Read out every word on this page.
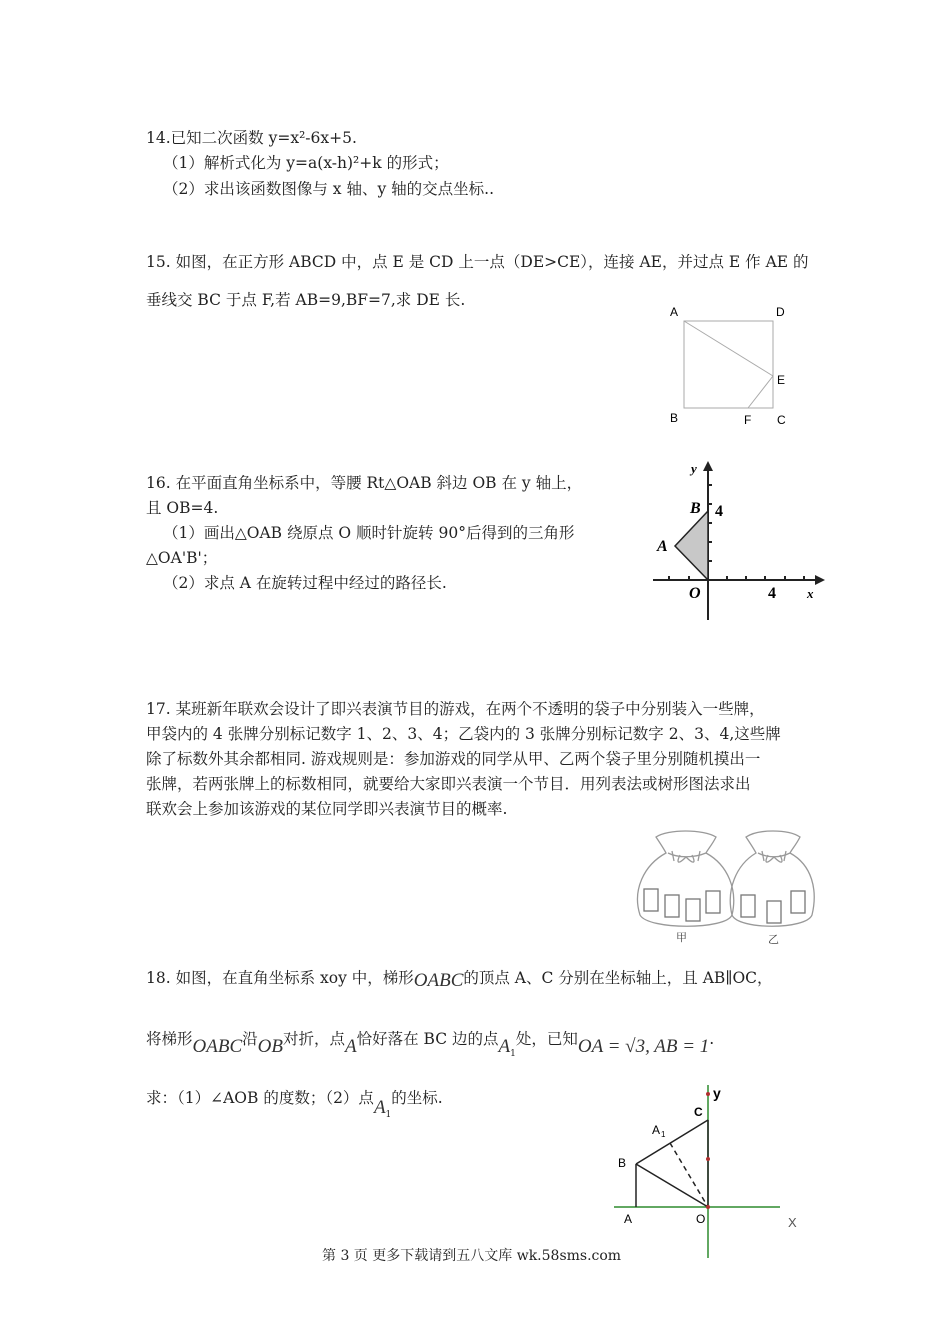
14.已知二次函数 y=x²-6x+5.
（1）解析式化为 y=a(x-h)²+k 的形式；
（2）求出该函数图像与 x 轴、y 轴的交点坐标..
15. 如图，在正方形 ABCD 中，点 E 是 CD 上一点（DE>CE），连接 AE，并过点 E 作 AE 的
垂线交 BC 于点 F,若 AB=9,BF=7,求 DE 长.
A	D
E
B	F C
16. 在平面直角坐标系中，等腰 Rt△OAB 斜边 OB 在 y 轴上，
且 OB=4.
（1）画出△OAB 绕原点 O 顺时针旋转 90°后得到的三角形
△OA'B'；
（2）求点 A 在旋转过程中经过的路径长.
y
x
B 4
A
O	4
17. 某班新年联欢会设计了即兴表演节目的游戏，在两个不透明的袋子中分别装入一些牌，
甲袋内的 4 张牌分别标记数字 1、2、3、4；乙袋内的 3 张牌分别标记数字 2、3、4,这些牌
除了标数外其余都相同. 游戏规则是：参加游戏的同学从甲、乙两个袋子里分别随机摸出一
张牌，若两张牌上的标数相同，就要给大家即兴表演一个节目．用列表法或树形图法求出
联欢会上参加该游戏的某位同学即兴表演节目的概率.
甲	乙
18. 如图，在直角坐标系 xoy 中，梯形OABC的顶点 A、C 分别在坐标轴上，且 AB∥OC，
将梯形OABC沿OB对折，点A恰好落在 BC 边的点$A_1$处，已知OA = √3, AB = 1.
求：（1）∠AOB 的度数；（2）点$A_1$的坐标.	y
X
C
A 1
B
A	O
第 3 页 更多下载请到五八文库 wk.58sms.com
